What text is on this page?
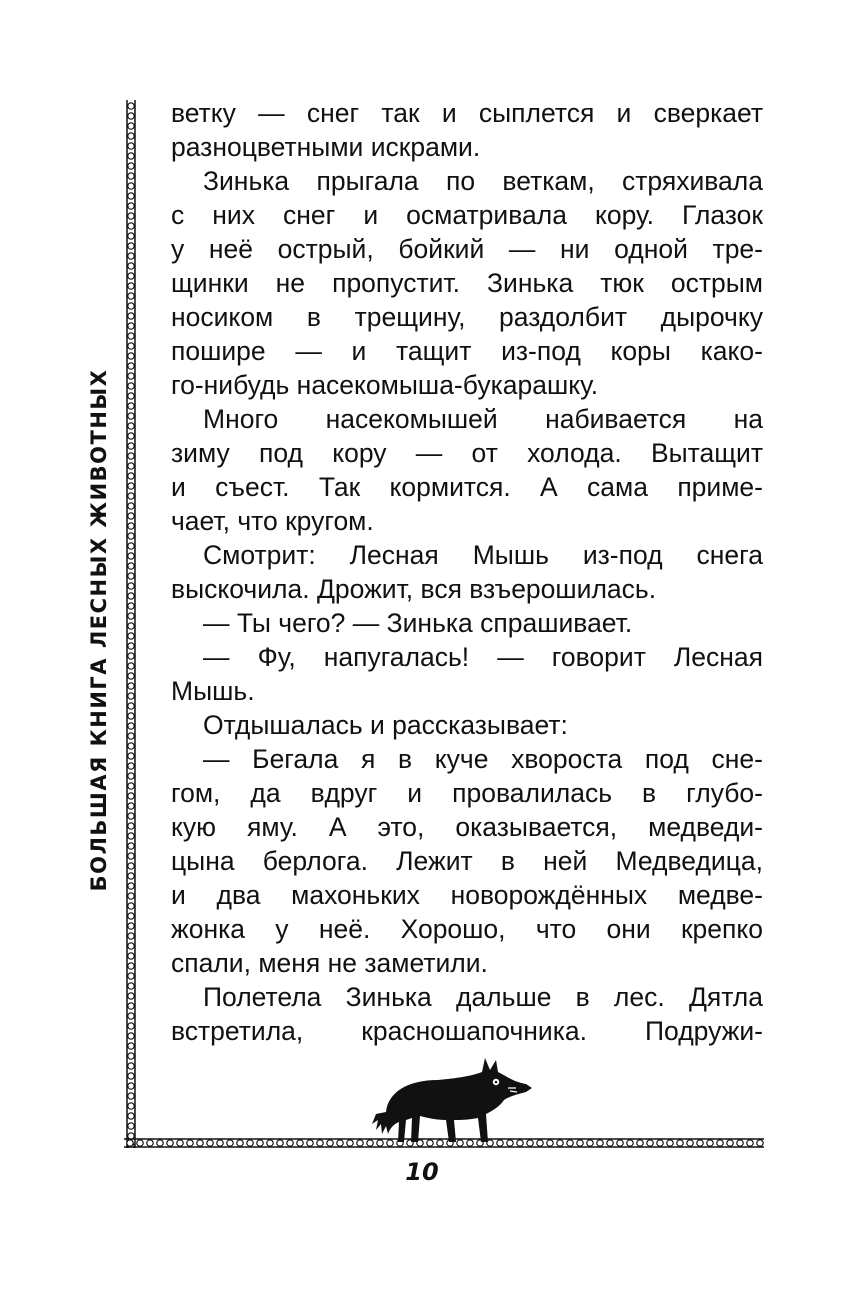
БОЛЬШАЯ КНИГА ЛЕСНЫХ ЖИВОТНЫХ
ветку — снег так и сыплется и сверкает
разноцветными искрами.
Зинька прыгала по веткам, стряхивала
с них снег и осматривала кору. Глазок
у неё острый, бойкий — ни одной тре-
щинки не пропустит. Зинька тюк острым
носиком в трещину, раздолбит дырочку
пошире — и тащит из-под коры како-
го-нибудь насекомыша-букарашку.
Много насекомышей набивается на
зиму под кору — от холода. Вытащит
и съест. Так кормится. А сама приме-
чает, что кругом.
Смотрит: Лесная Мышь из-под снега
выскочила. Дрожит, вся взъерошилась.
— Ты чего? — Зинька спрашивает.
— Фу, напугалась! — говорит Лесная
Мышь.
Отдышалась и рассказывает:
— Бегала я в куче хвороста под сне-
гом, да вдруг и провалилась в глубо-
кую яму. А это, оказывается, медведи-
цына берлога. Лежит в ней Медведица,
и два махоньких новорождённых медве-
жонка у неё. Хорошо, что они крепко
спали, меня не заметили.
Полетела Зинька дальше в лес. Дятла
встретила, красношапочника. Подружи-
10
